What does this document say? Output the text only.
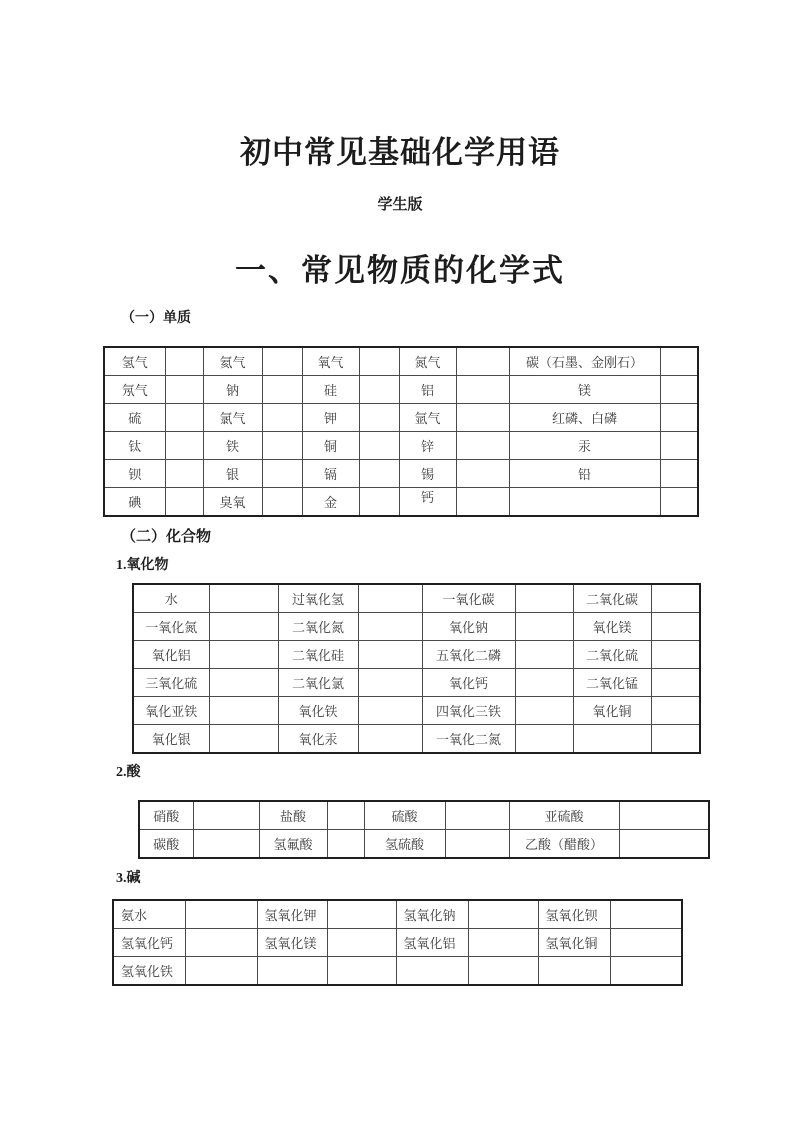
初中常见基础化学用语
学生版
一、常见物质的化学式
（一）单质
氢气		氦气		氧气		氮气		碳（石墨、金刚石）	
氖气		钠		硅		铝		镁	
硫		氯气		钾		氩气		红磷、白磷	
钛		铁		铜		锌		汞	
钡		银		镉		锡		铅	
碘		臭氧		金		钙			
（二）化合物
1.氧化物
水		过氧化氢		一氧化碳		二氧化碳	
一氧化氮		二氧化氮		氧化钠		氧化镁	
氧化铝		二氧化硅		五氧化二磷		二氧化硫	
三氧化硫		二氧化氯		氧化钙		二氧化锰	
氧化亚铁		氧化铁		四氧化三铁		氧化铜	
氧化银		氧化汞		一氧化二氮			
2.酸
硝酸		盐酸		硫酸		亚硫酸	
碳酸		氢氟酸		氢硫酸		乙酸（醋酸）	
3.碱
氨水		氢氧化钾		氢氧化钠		氢氧化钡	
氢氧化钙		氢氧化镁		氢氧化铝		氢氧化铜	
氢氧化铁							
